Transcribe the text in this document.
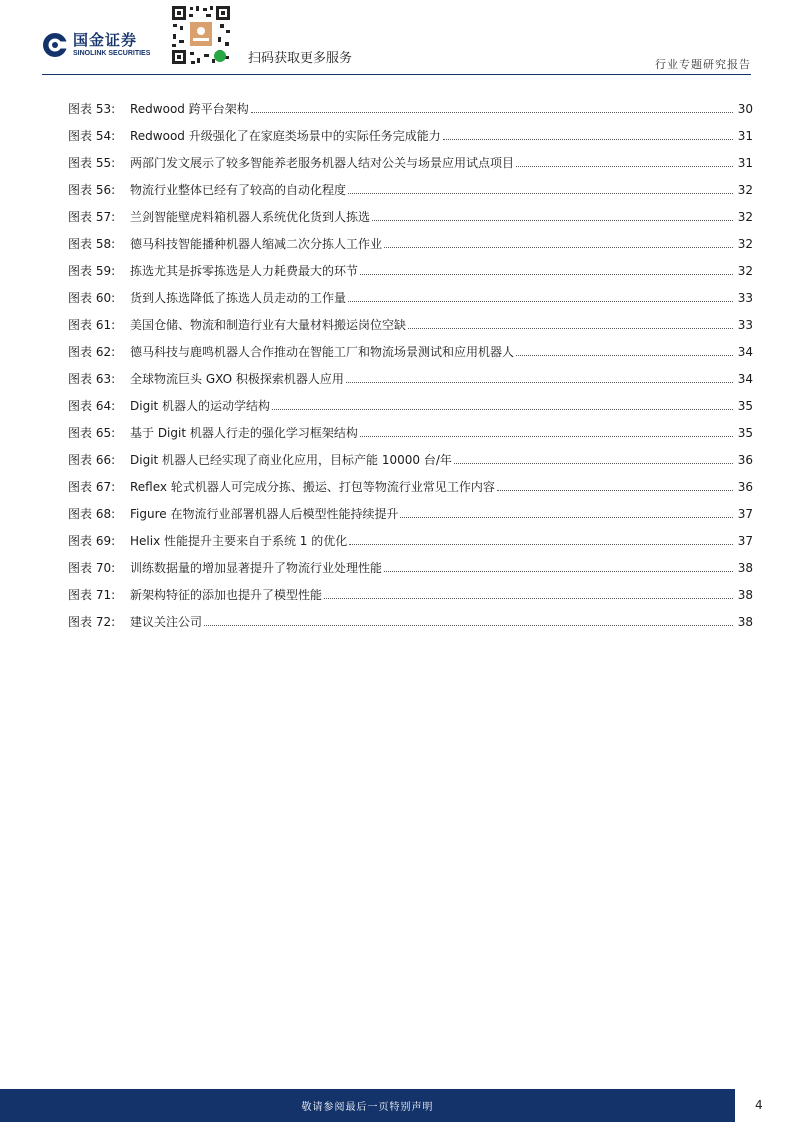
国金证券
SINOLINK SECURITIES	扫码获取更多服务	行业专题研究报告
图表 53:	Redwood 跨平台架构	30
图表 54:	Redwood 升级强化了在家庭类场景中的实际任务完成能力	31
图表 55:	两部门发文展示了较多智能养老服务机器人结对公关与场景应用试点项目	31
图表 56:	物流行业整体已经有了较高的自动化程度	32
图表 57:	兰剑智能壁虎料箱机器人系统优化货到人拣选	32
图表 58:	德马科技智能播种机器人缩减二次分拣人工作业	32
图表 59:	拣选尤其是拆零拣选是人力耗费最大的环节	32
图表 60:	货到人拣选降低了拣选人员走动的工作量	33
图表 61:	美国仓储、物流和制造行业有大量材料搬运岗位空缺	33
图表 62:	德马科技与鹿鸣机器人合作推动在智能工厂和物流场景测试和应用机器人	34
图表 63:	全球物流巨头 GXO 积极探索机器人应用	34
图表 64:	Digit 机器人的运动学结构	35
图表 65:	基于 Digit 机器人行走的强化学习框架结构	35
图表 66:	Digit 机器人已经实现了商业化应用，目标产能 10000 台/年	36
图表 67:	Reflex 轮式机器人可完成分拣、搬运、打包等物流行业常见工作内容	36
图表 68:	Figure 在物流行业部署机器人后模型性能持续提升	37
图表 69:	Helix 性能提升主要来自于系统 1 的优化	37
图表 70:	训练数据量的增加显著提升了物流行业处理性能	38
图表 71:	新架构特征的添加也提升了模型性能	38
图表 72:	建议关注公司	38
敬请参阅最后一页特别声明	4
